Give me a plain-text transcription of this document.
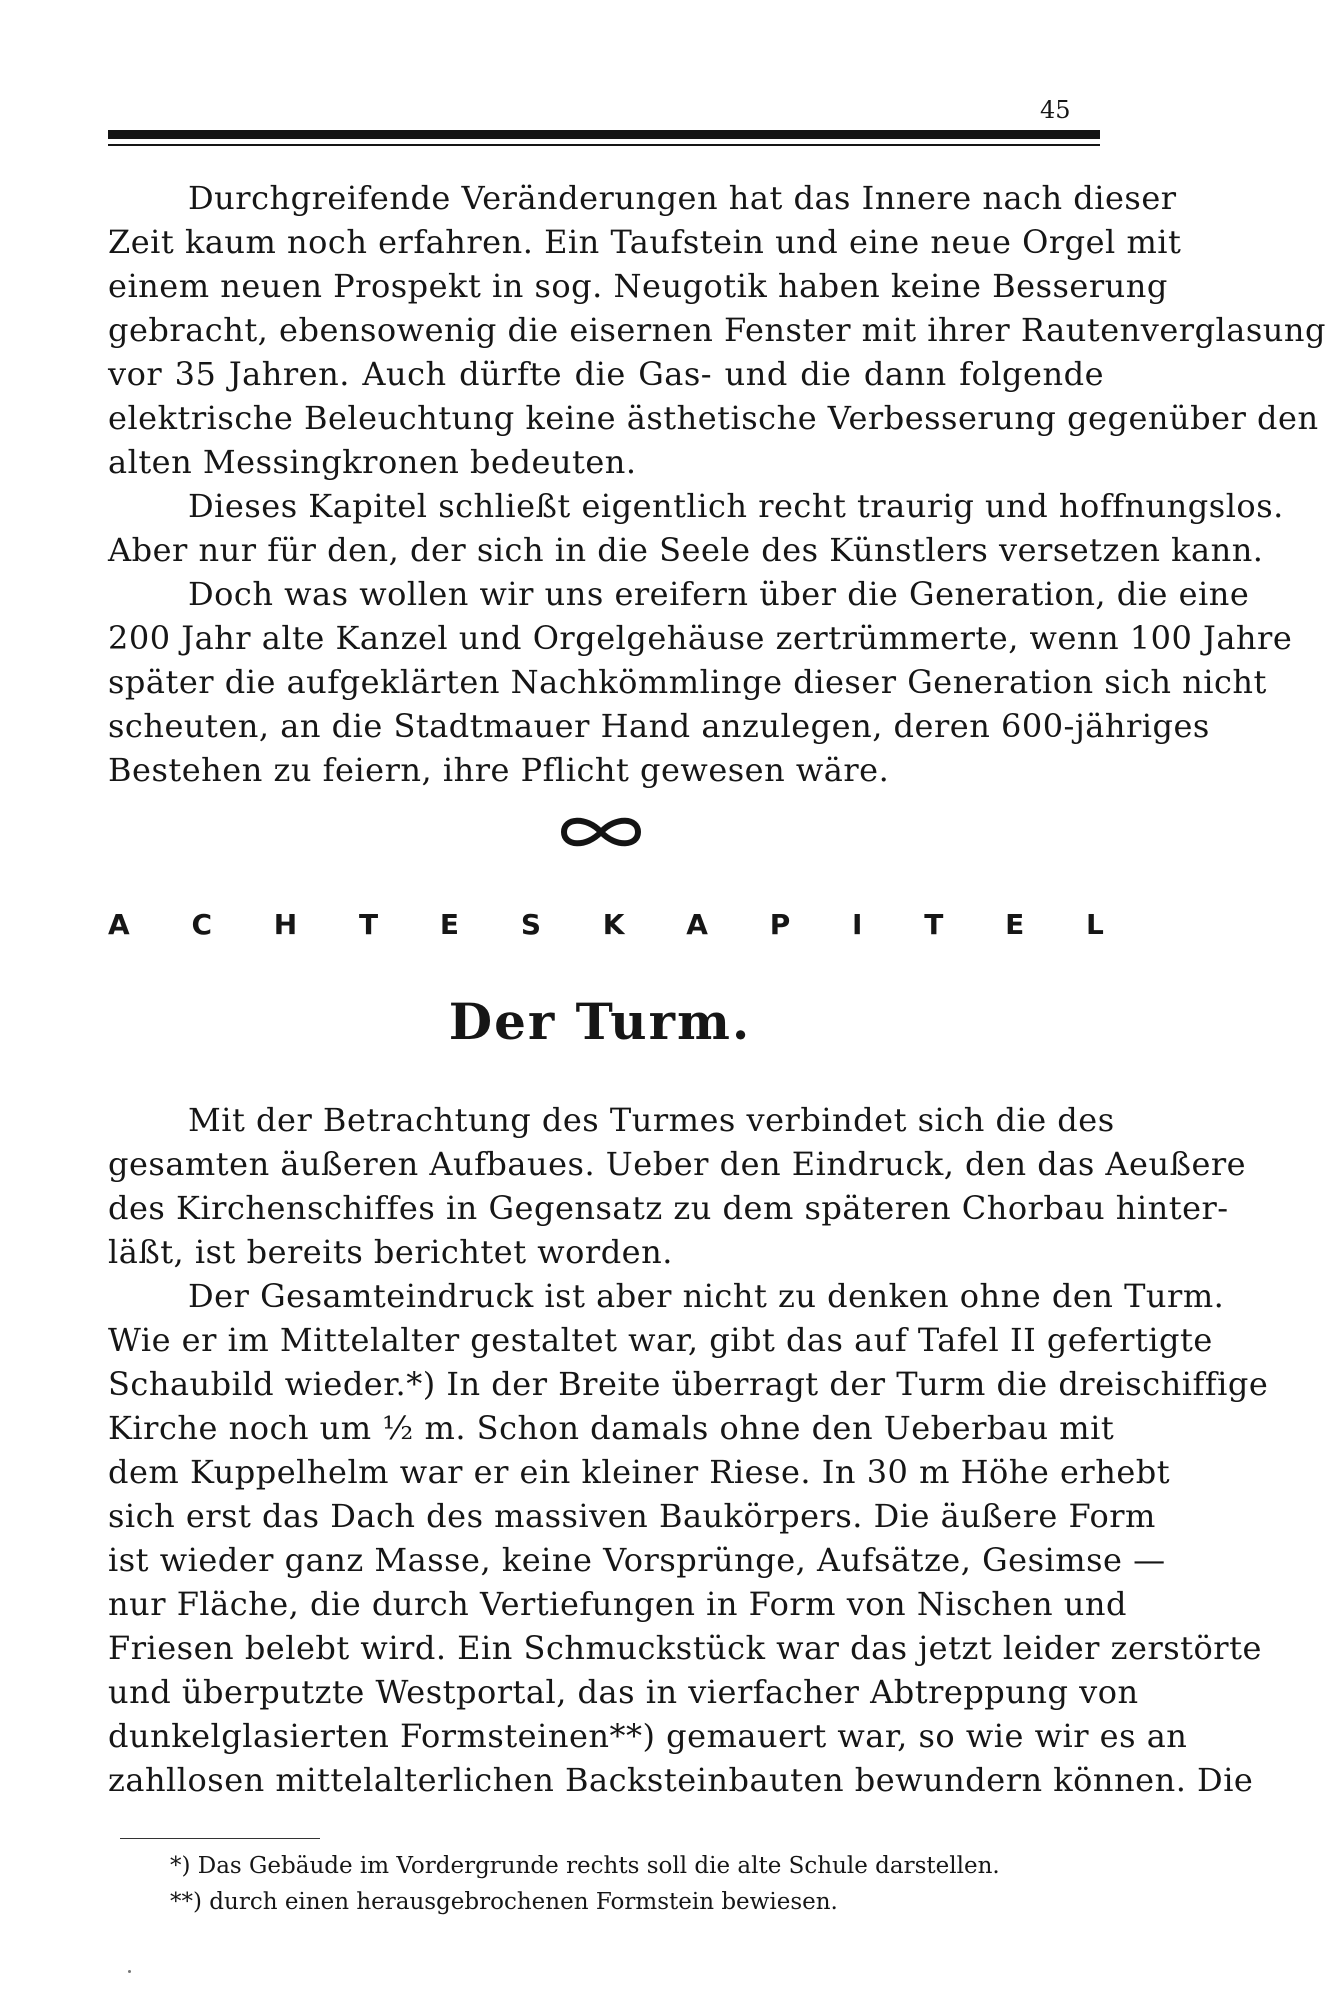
45
Durchgreifende Veränderungen hat das Innere nach dieser
Zeit kaum noch erfahren. Ein Taufstein und eine neue Orgel mit
einem neuen Prospekt in sog. Neugotik haben keine Besserung
gebracht, ebensowenig die eisernen Fenster mit ihrer Rautenverglasung
vor 35 Jahren. Auch dürfte die Gas- und die dann folgende
elektrische Beleuchtung keine ästhetische Verbesserung gegenüber den
alten Messingkronen bedeuten.
Dieses Kapitel schließt eigentlich recht traurig und hoffnungslos.
Aber nur für den, der sich in die Seele des Künstlers versetzen kann.
Doch was wollen wir uns ereifern über die Generation, die eine
200 Jahr alte Kanzel und Orgelgehäuse zertrümmerte, wenn 100 Jahre
später die aufgeklärten Nachkömmlinge dieser Generation sich nicht
scheuten, an die Stadtmauer Hand anzulegen, deren 600-jähriges
Bestehen zu feiern, ihre Pflicht gewesen wäre.
A C H T E S K A P I T E L
Der Turm.
Mit der Betrachtung des Turmes verbindet sich die des
gesamten äußeren Aufbaues. Ueber den Eindruck, den das Aeußere
des Kirchenschiffes in Gegensatz zu dem späteren Chorbau hinter-
läßt, ist bereits berichtet worden.
Der Gesamteindruck ist aber nicht zu denken ohne den Turm.
Wie er im Mittelalter gestaltet war, gibt das auf Tafel II gefertigte
Schaubild wieder.*) In der Breite überragt der Turm die dreischiffige
Kirche noch um ½ m. Schon damals ohne den Ueberbau mit
dem Kuppelhelm war er ein kleiner Riese. In 30 m Höhe erhebt
sich erst das Dach des massiven Baukörpers. Die äußere Form
ist wieder ganz Masse, keine Vorsprünge, Aufsätze, Gesimse —
nur Fläche, die durch Vertiefungen in Form von Nischen und
Friesen belebt wird. Ein Schmuckstück war das jetzt leider zerstörte
und überputzte Westportal, das in vierfacher Abtreppung von
dunkelglasierten Formsteinen**) gemauert war, so wie wir es an
zahllosen mittelalterlichen Backsteinbauten bewundern können. Die
*) Das Gebäude im Vordergrunde rechts soll die alte Schule darstellen.
**) durch einen herausgebrochenen Formstein bewiesen.
